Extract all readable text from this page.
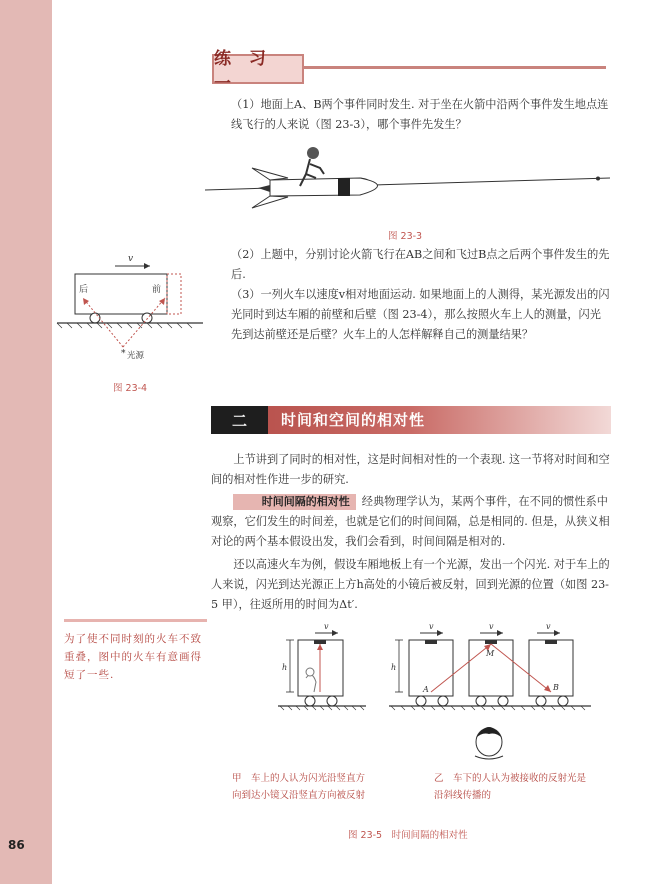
86
练 习 一
（1）地面上A、B两个事件同时发生. 对于坐在火箭中沿两个事件发生地点连线飞行的人来说（图 23-3），哪个事件先发生？
图 23-3
（2）上题中，分别讨论火箭飞行在AB之间和飞过B点之后两个事件发生的先后.
（3）一列火车以速度v相对地面运动. 如果地面上的人测得，某光源发出的闪光同时到达车厢的前壁和后壁（图 23-4），那么按照火车上人的测量，闪光先到达前壁还是后壁？火车上的人怎样解释自己的测量结果？
v
后	前
* 光源
图 23-4
二	时间和空间的相对性
上节讲到了同时的相对性，这是时间相对性的一个表现. 这一节将对时间和空间的相对性作进一步的研究.
时间间隔的相对性 经典物理学认为，某两个事件，在不同的惯性系中观察，它们发生的时间差，也就是它们的时间间隔，总是相同的. 但是，从狭义相对论的两个基本假设出发，我们会看到，时间间隔是相对的.
还以高速火车为例，假设车厢地板上有一个光源，发出一个闪光. 对于车上的人来说，闪光到达光源正上方h高处的小镜后被反射，回到光源的位置（如图 23-5 甲），往返所用的时间为Δt′.
为了使不同时刻的火车不致重叠，图中的火车有意画得短了一些.
v
h
v	v	v
M
A	B
h
甲　车上的人认为闪光沿竖直方向到达小镜又沿竖直方向被反射
乙　车下的人认为被接收的反射光是沿斜线传播的
图 23-5　时间间隔的相对性
